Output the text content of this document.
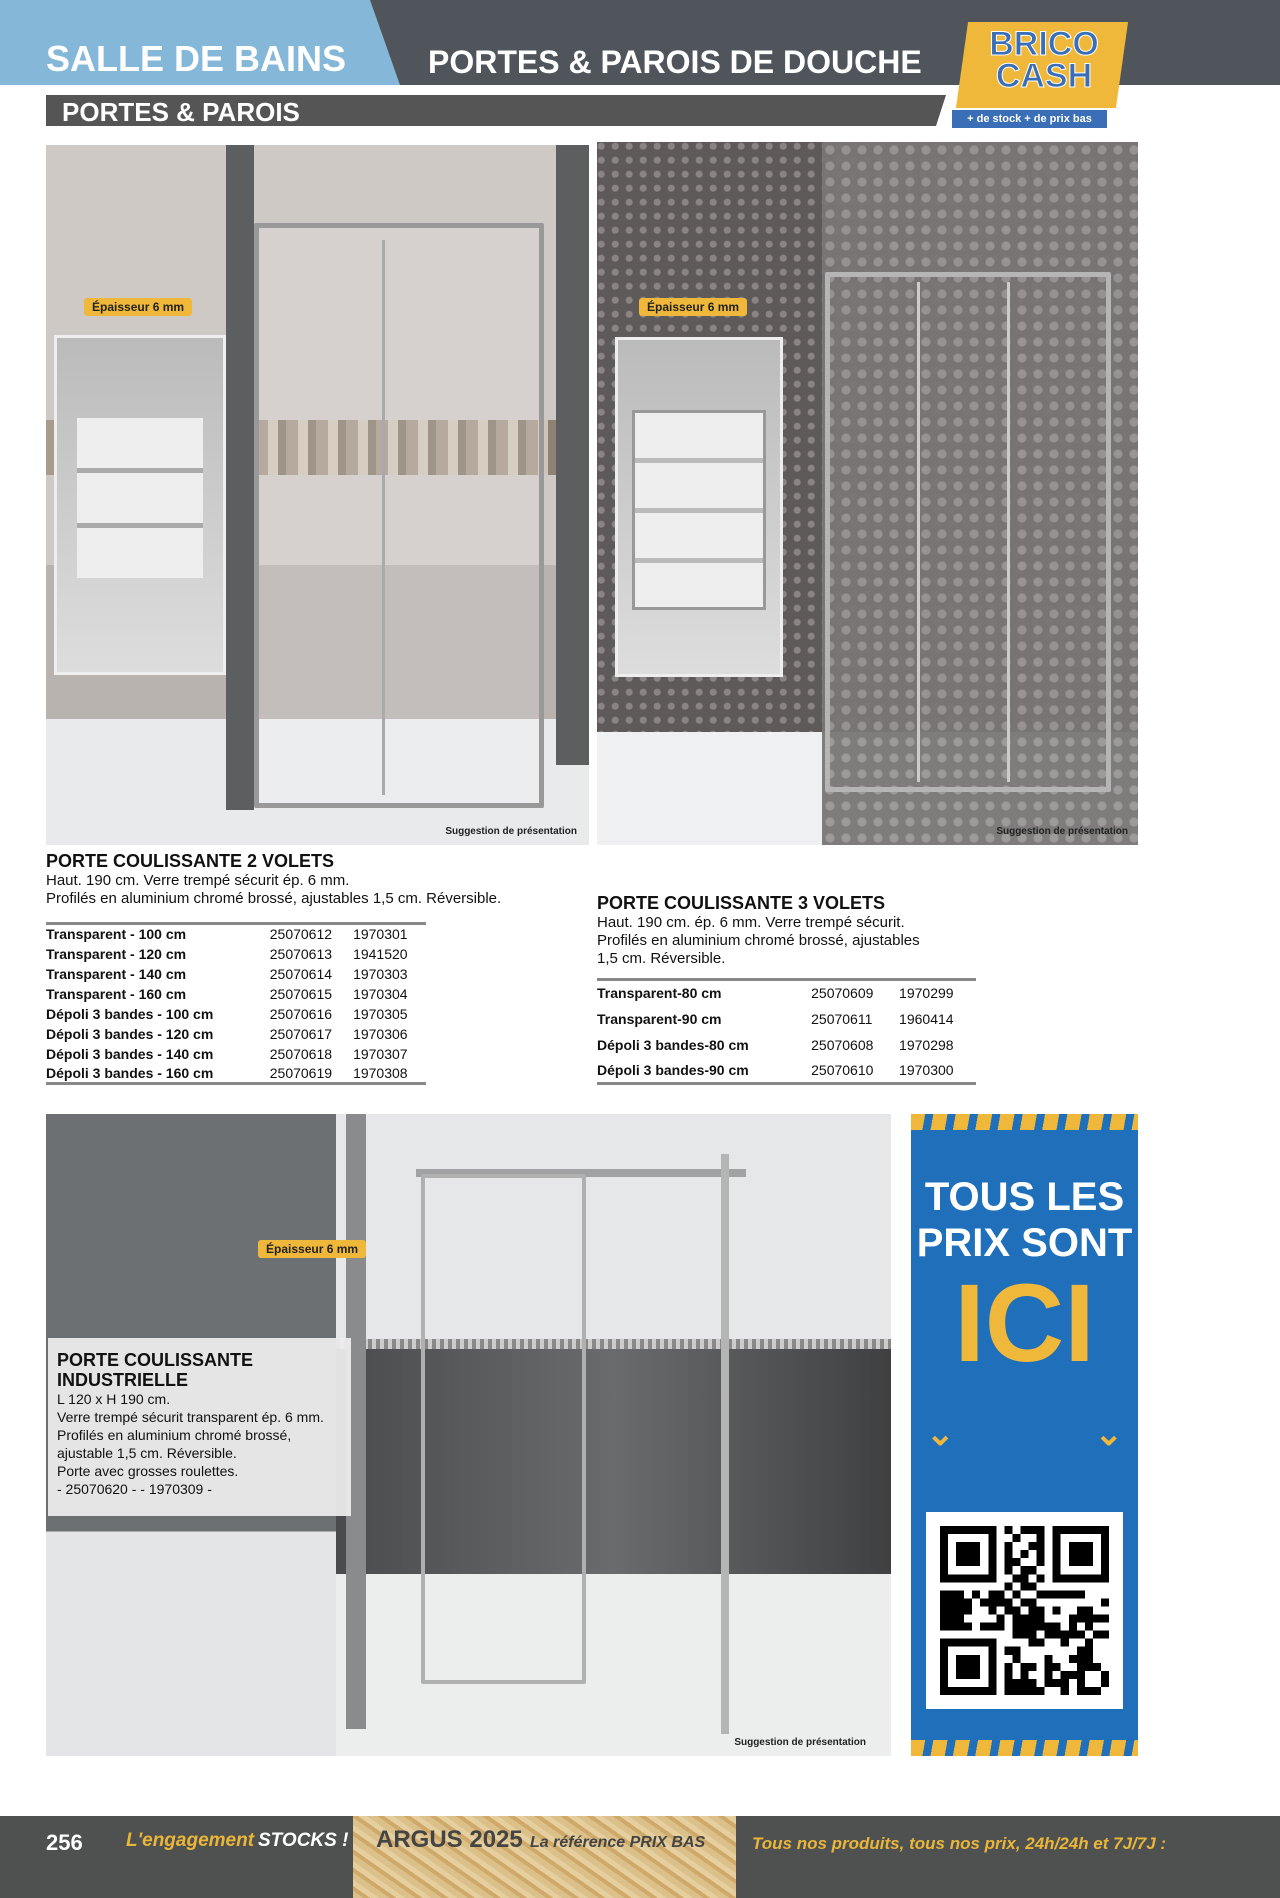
SALLE DE BAINS	PORTES & PAROIS DE DOUCHE
PORTES & PAROIS
BRICO
CASH
+ de stock + de prix bas
Épaisseur 6 mm
Suggestion de présentation
Épaisseur 6 mm
Suggestion de présentation
PORTE COULISSANTE 2 VOLETS
Haut. 190 cm. Verre trempé sécurit ép. 6 mm.
Profilés en aluminium chromé brossé, ajustables 1,5 cm. Réversible.
Transparent - 100 cm	25070612	1970301
Transparent - 120 cm	25070613	1941520
Transparent - 140 cm	25070614	1970303
Transparent - 160 cm	25070615	1970304
Dépoli 3 bandes - 100 cm	25070616	1970305
Dépoli 3 bandes - 120 cm	25070617	1970306
Dépoli 3 bandes - 140 cm	25070618	1970307
Dépoli 3 bandes - 160 cm	25070619	1970308
PORTE COULISSANTE 3 VOLETS
Haut. 190 cm. ép. 6 mm. Verre trempé sécurit.
Profilés en aluminium chromé brossé, ajustables
1,5 cm. Réversible.
Transparent-80 cm	25070609	1970299
Transparent-90 cm	25070611	1960414
Dépoli 3 bandes-80 cm	25070608	1970298
Dépoli 3 bandes-90 cm	25070610	1970300
Épaisseur 6 mm
Suggestion de présentation
PORTE COULISSANTE
INDUSTRIELLE
L 120 x H 190 cm.
Verre trempé sécurit transparent ép. 6 mm.
Profilés en aluminium chromé brossé,
ajustable 1,5 cm. Réversible.
Porte avec grosses roulettes.
- 25070620 - - 1970309 -
TOUS LES
PRIX SONT
ICI
⌄	⌄
256 L'engagement STOCKS ! ARGUS 2025 La référence PRIX BAS	Tous nos produits, tous nos prix, 24h/24h et 7J/7J :
